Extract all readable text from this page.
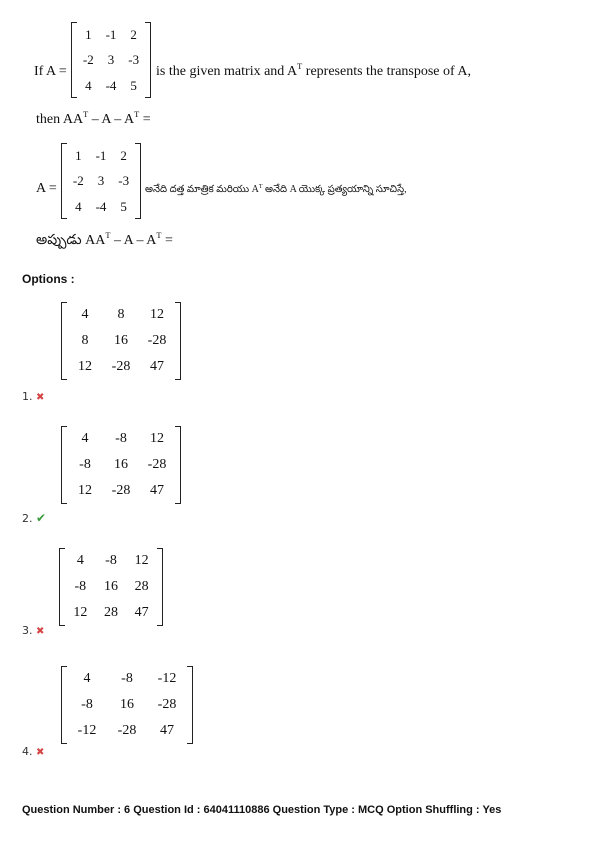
If A =
1	-1	2
-2	3	-3
4	-4	5
is the given matrix and $A^T$ represents the transpose of A,
then $AA^T$ – A – $A^T$ =
A =
1	-1	2
-2	3	-3
4	-4	5
అనేది దత్త మాత్రిక మరియు $A^T$ అనేది A యొక్క ప్రత్యయాన్ని సూచిస్తే,
అప్పుడు $AA^T$ – A – $A^T$ =
Options :
4	8	12
8	16	-28
12	-28	47
1. ✖
4	-8	12
-8	16	-28
12	-28	47
2. ✔
4	-8	12
-8	16	28
12	28	47
3. ✖
4	-8	-12
-8	16	-28
-12	-28	47
4. ✖
Question Number : 6 Question Id : 64041110886 Question Type : MCQ Option Shuffling : Yes
